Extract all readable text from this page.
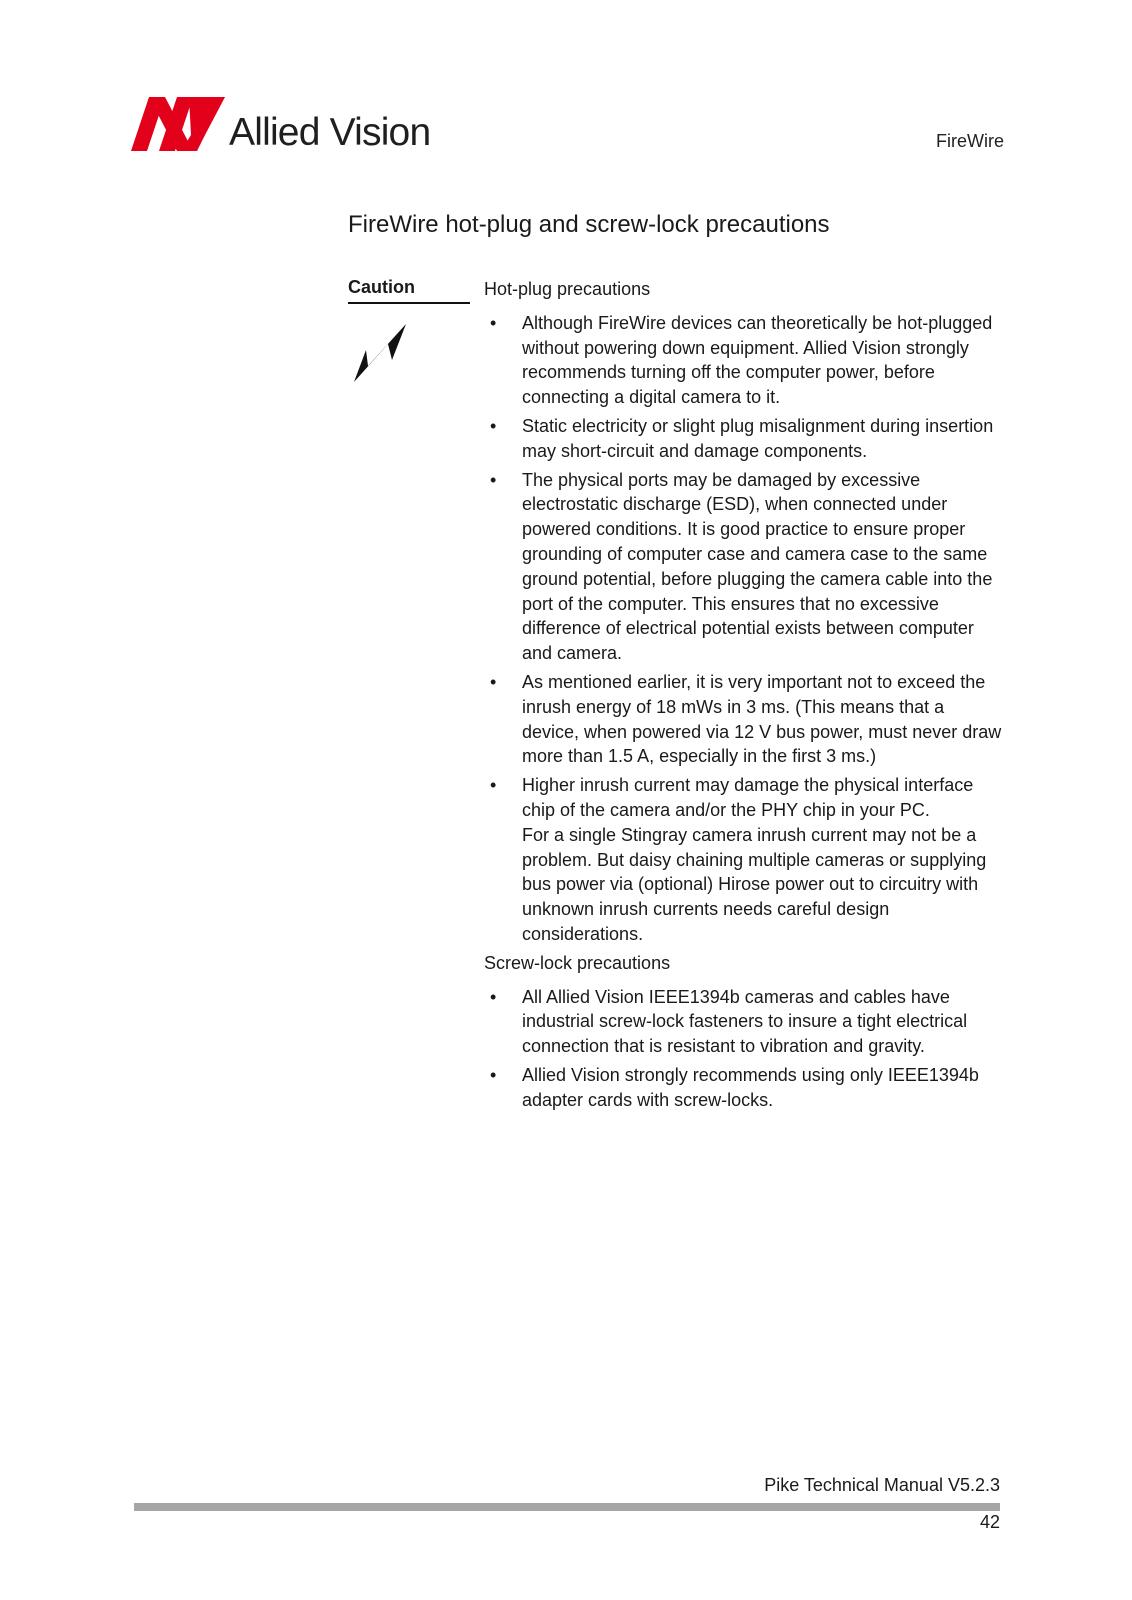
Allied Vision	FireWire
FireWire hot-plug and screw-lock precautions
Caution	Hot-plug precautions

• Although FireWire devices can theoretically be hot-plugged without powering down equipment. Allied Vision strongly recommends turning off the computer power, before connecting a digital camera to it.
• Static electricity or slight plug misalignment during insertion may short-circuit and damage components.
• The physical ports may be damaged by excessive electrostatic discharge (ESD), when connected under powered conditions. It is good practice to ensure proper grounding of computer case and camera case to the same ground potential, before plugging the camera cable into the port of the computer. This ensures that no excessive difference of electrical potential exists between computer and camera.
• As mentioned earlier, it is very important not to exceed the inrush energy of 18 mWs in 3 ms. (This means that a device, when powered via 12 V bus power, must never draw more than 1.5 A, especially in the first 3 ms.)
• Higher inrush current may damage the physical interface chip of the camera and/or the PHY chip in your PC.
For a single Stingray camera inrush current may not be a problem. But daisy chaining multiple cameras or supplying bus power via (optional) Hirose power out to circuitry with unknown inrush currents needs careful design considerations.

Screw-lock precautions

• All Allied Vision IEEE1394b cameras and cables have industrial screw-lock fasteners to insure a tight electrical connection that is resistant to vibration and gravity.
• Allied Vision strongly recommends using only IEEE1394b adapter cards with screw-locks.
Pike Technical Manual V5.2.3
42
